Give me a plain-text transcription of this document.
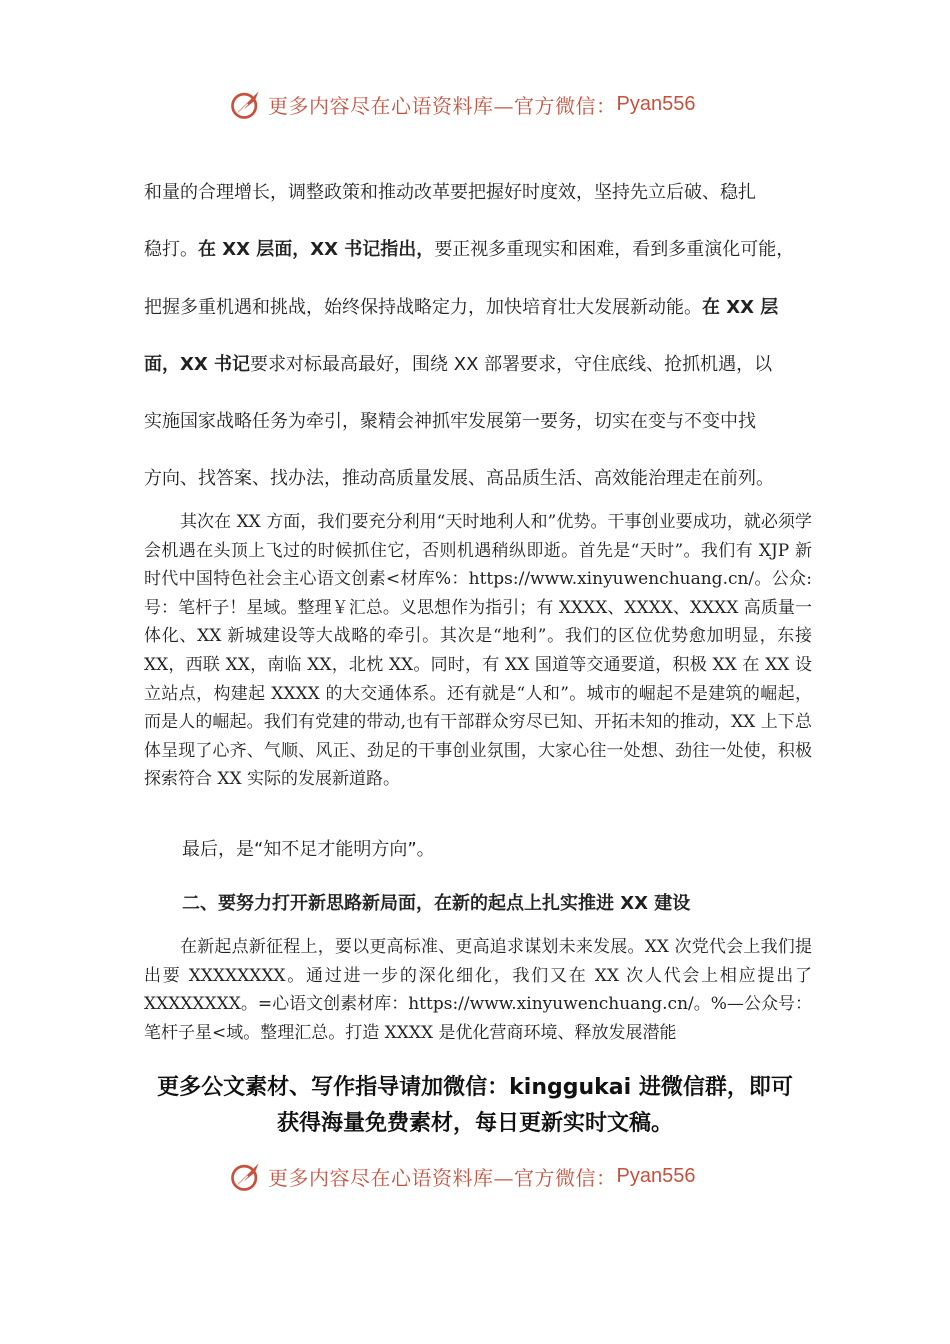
更多内容尽在心语资料库—官方微信： Pyan556
和量的合理增长，调整政策和推动改革要把握好时度效，坚持先立后破、稳扎
稳打。在 XX 层面，XX 书记指出，要正视多重现实和困难，看到多重演化可能，
把握多重机遇和挑战，始终保持战略定力，加快培育壮大发展新动能。在 XX 层
面，XX 书记要求对标最高最好，围绕 XX 部署要求，守住底线、抢抓机遇，以
实施国家战略任务为牵引，聚精会神抓牢发展第一要务，切实在变与不变中找
方向、找答案、找办法，推动高质量发展、高品质生活、高效能治理走在前列。

其次在 XX 方面，我们要充分利用“天时地利人和”优势。干事创业要成功，就必须学会机遇在头顶上飞过的时候抓住它，否则机遇稍纵即逝。首先是“天时”。我们有 XJP 新时代中国特色社会主心语文创素<材库%：https://www.xinyuwenchuang.cn/。公众:号：笔杆子！星域。整理￥汇总。义思想作为指引；有 XXXX、XXXX、XXXX 高质量一体化、XX 新城建设等大战略的牵引。其次是“地利”。我们的区位优势愈加明显，东接 XX，西联 XX，南临 XX，北枕 XX。同时，有 XX 国道等交通要道，积极 XX 在 XX 设立站点，构建起 XXXX 的大交通体系。还有就是“人和”。城市的崛起不是建筑的崛起，而是人的崛起。我们有党建的带动,也有干部群众穷尽已知、开拓未知的推动，XX 上下总体呈现了心齐、气顺、风正、劲足的干事创业氛围，大家心往一处想、劲往一处使，积极探索符合 XX 实际的发展新道路。

最后，是“知不足才能明方向”。
二、要努力打开新思路新局面，在新的起点上扎实推进 XX 建设

在新起点新征程上，要以更高标准、更高追求谋划未来发展。XX 次党代会上我们提出要 XXXXXXXX。通过进一步的深化细化，我们又在 XX 次人代会上相应提出了 XXXXXXXX。=心语文创素材库：https://www.xinyuwenchuang.cn/。%—公众号：笔杆子星<域。整理汇总。打造 XXXX 是优化营商环境、释放发展潜能

更多公文素材、写作指导请加微信：kinggukai 进微信群，即可
获得海量免费素材，每日更新实时文稿。
更多内容尽在心语资料库—官方微信： Pyan556
